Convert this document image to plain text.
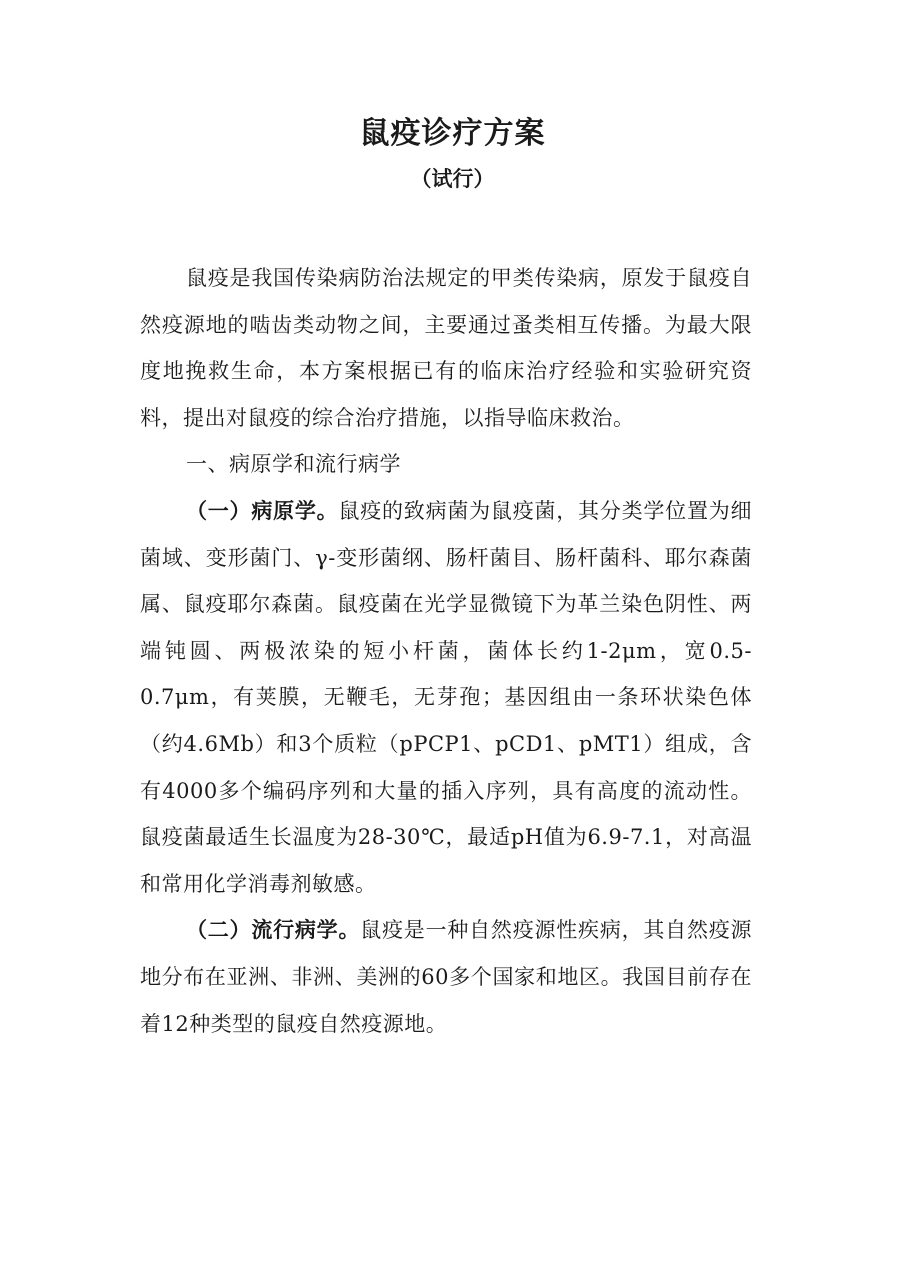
鼠疫诊疗方案
（试行）

鼠疫是我国传染病防治法规定的甲类传染病，原发于鼠疫自然疫源地的啮齿类动物之间，主要通过蚤类相互传播。为最大限度地挽救生命，本方案根据已有的临床治疗经验和实验研究资料，提出对鼠疫的综合治疗措施，以指导临床救治。

一、病原学和流行病学

（一）病原学。鼠疫的致病菌为鼠疫菌，其分类学位置为细菌域、变形菌门、γ-变形菌纲、肠杆菌目、肠杆菌科、耶尔森菌属、鼠疫耶尔森菌。鼠疫菌在光学显微镜下为革兰染色阴性、两端钝圆、两极浓染的短小杆菌，菌体长约1-2μm，宽0.5-0.7μm，有荚膜，无鞭毛，无芽孢；基因组由一条环状染色体（约4.6Mb）和3个质粒（pPCP1、pCD1、pMT1）组成，含有4000多个编码序列和大量的插入序列，具有高度的流动性。鼠疫菌最适生长温度为28-30℃，最适pH值为6.9-7.1，对高温和常用化学消毒剂敏感。

（二）流行病学。鼠疫是一种自然疫源性疾病，其自然疫源地分布在亚洲、非洲、美洲的60多个国家和地区。我国目前存在着12种类型的鼠疫自然疫源地。
